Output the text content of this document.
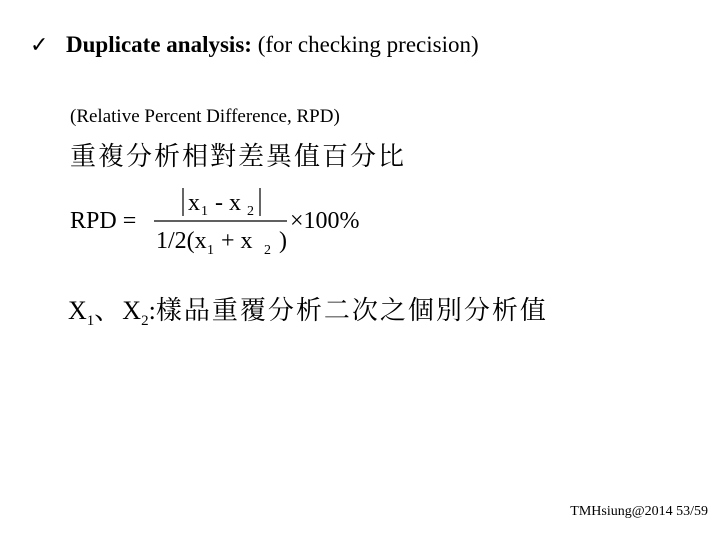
✓ Duplicate analysis: (for checking precision)
(Relative Percent Difference, RPD)
重複分析相對差異值百分比
RPD =
x 1 - x 2
1/2(x 1 + x 2 )
×100%
$X_1$、$X_2$:樣品重覆分析二次之個別分析值
TMHsiung@2014 53/59
